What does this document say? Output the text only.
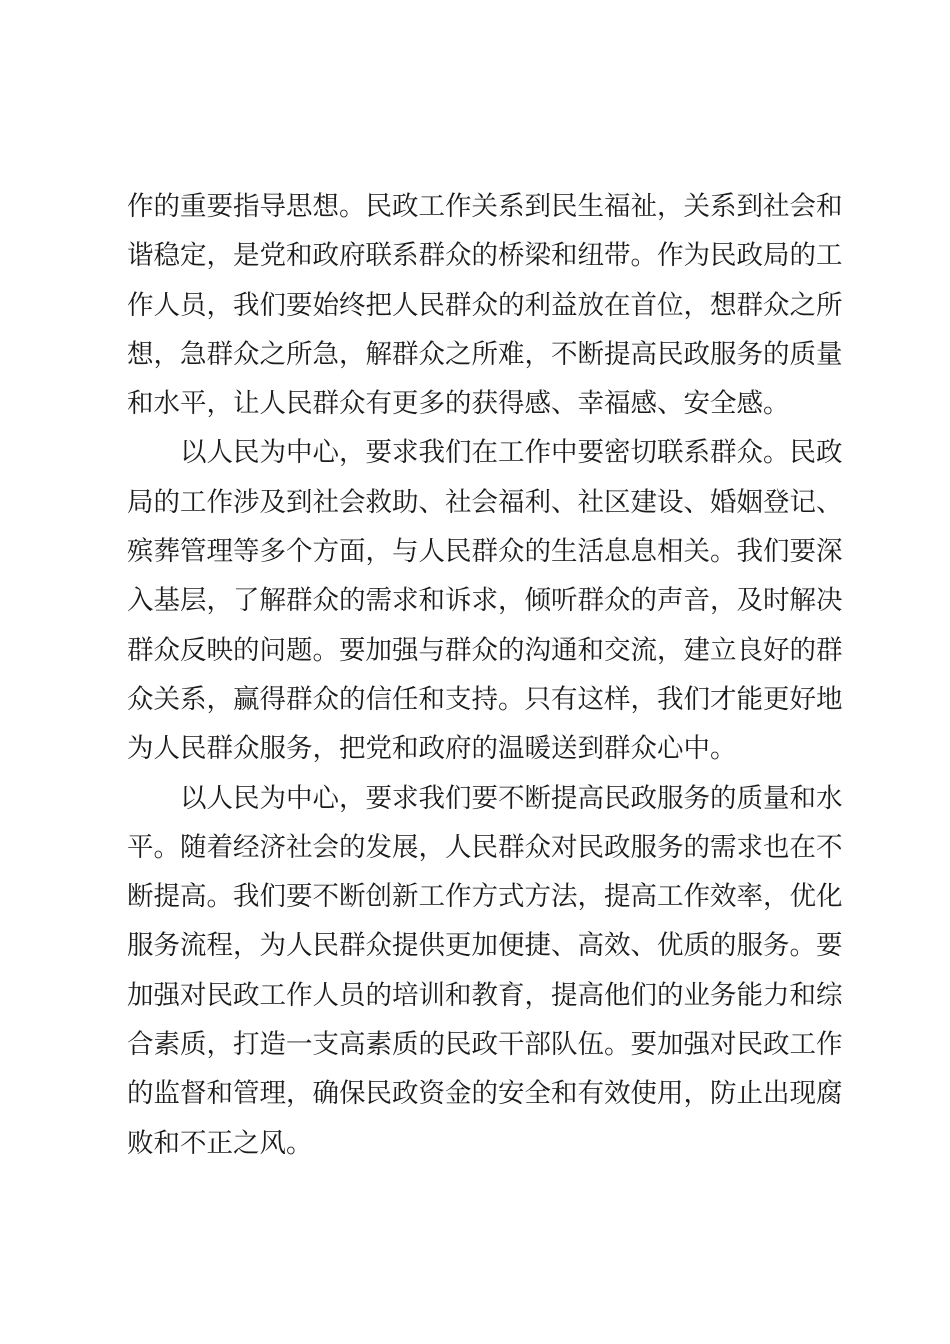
作的重要指导思想。民政工作关系到民生福祉，关系到社会和
谐稳定，是党和政府联系群众的桥梁和纽带。作为民政局的工
作人员，我们要始终把人民群众的利益放在首位，想群众之所
想，急群众之所急，解群众之所难，不断提高民政服务的质量
和水平，让人民群众有更多的获得感、幸福感、安全感。
以人民为中心，要求我们在工作中要密切联系群众。民政
局的工作涉及到社会救助、社会福利、社区建设、婚姻登记、
殡葬管理等多个方面，与人民群众的生活息息相关。我们要深
入基层，了解群众的需求和诉求，倾听群众的声音，及时解决
群众反映的问题。要加强与群众的沟通和交流，建立良好的群
众关系，赢得群众的信任和支持。只有这样，我们才能更好地
为人民群众服务，把党和政府的温暖送到群众心中。
以人民为中心，要求我们要不断提高民政服务的质量和水
平。随着经济社会的发展，人民群众对民政服务的需求也在不
断提高。我们要不断创新工作方式方法，提高工作效率，优化
服务流程，为人民群众提供更加便捷、高效、优质的服务。要
加强对民政工作人员的培训和教育，提高他们的业务能力和综
合素质，打造一支高素质的民政干部队伍。要加强对民政工作
的监督和管理，确保民政资金的安全和有效使用，防止出现腐
败和不正之风。
